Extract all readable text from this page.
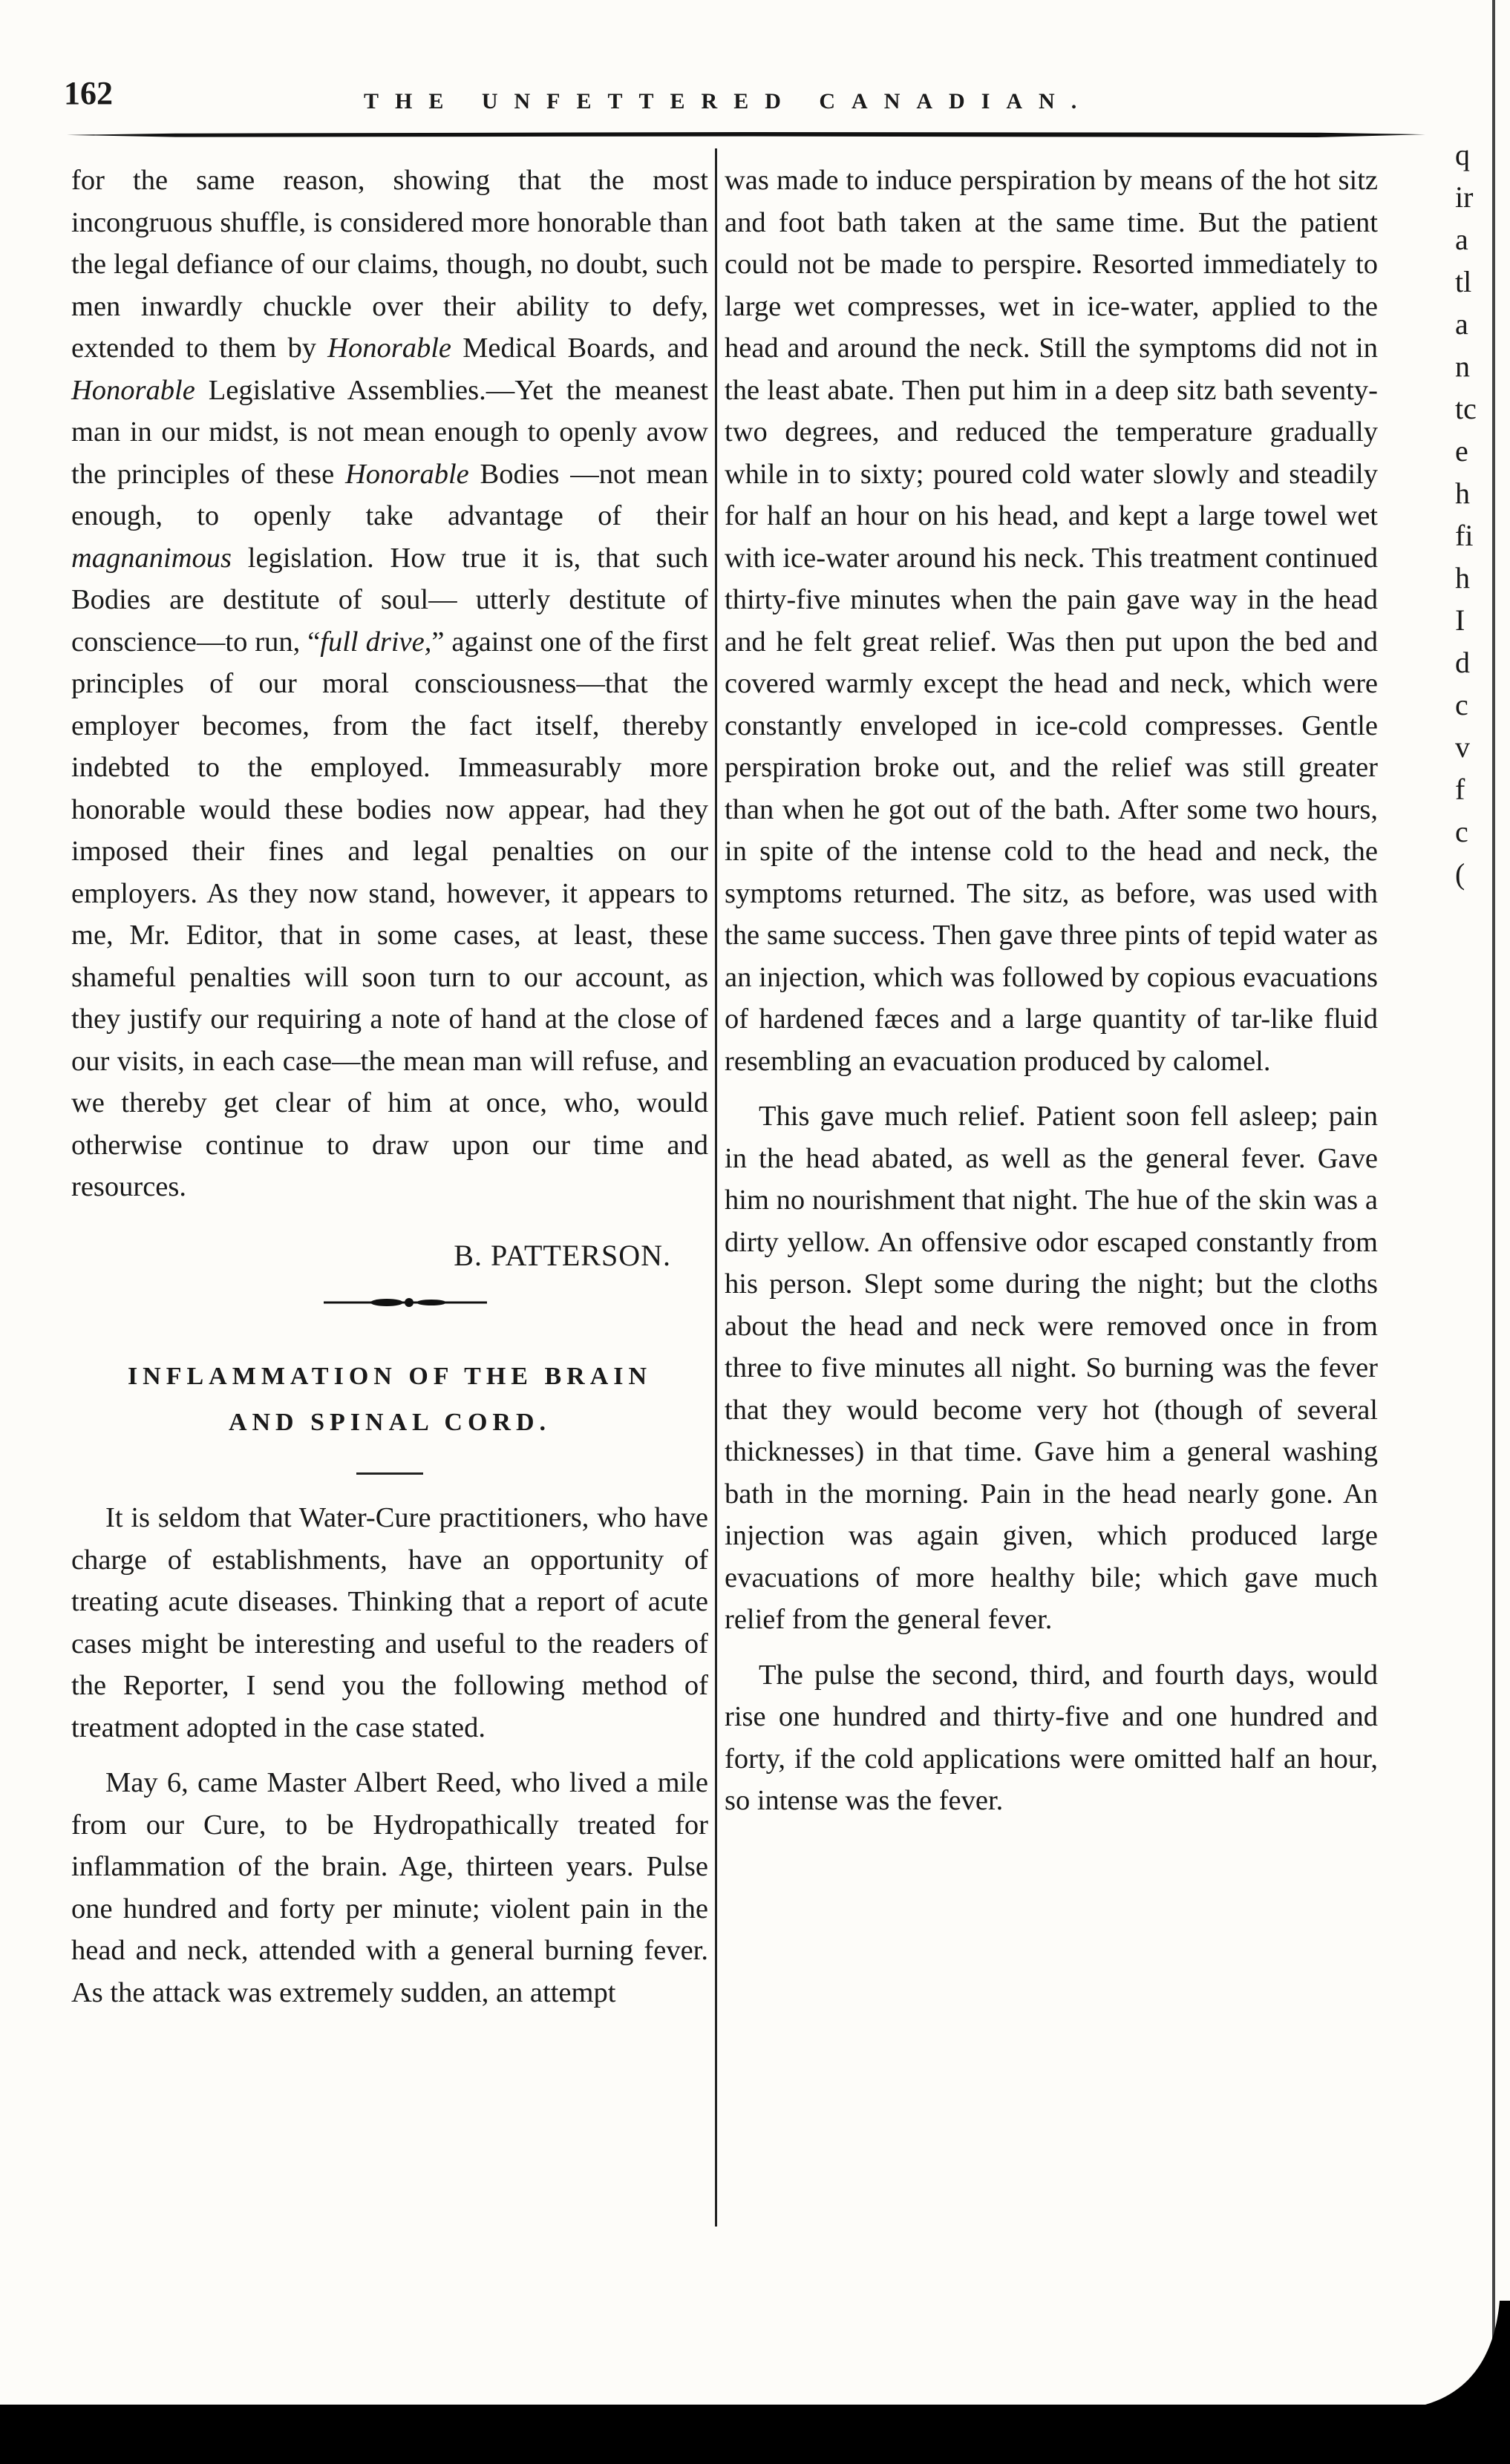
162	THE UNFETTERED CANADIAN.

for the same reason, showing that the most incongruous shuffle, is considered more honorable than the legal defiance of our claims, though, no doubt, such men inwardly chuckle over their ability to defy, extended to them by Honorable Medical Boards, and Honorable Legislative Assemblies.—Yet the meanest man in our midst, is not mean enough to openly avow the principles of these Honorable Bodies —not mean enough, to openly take advantage of their magnanimous legislation. How true it is, that such Bodies are destitute of soul— utterly destitute of conscience—to run, “full drive,” against one of the first principles of our moral consciousness—that the employer becomes, from the fact itself, thereby indebted to the employed. Immeasurably more honorable would these bodies now appear, had they imposed their fines and legal penalties on our employers. As they now stand, however, it appears to me, Mr. Editor, that in some cases, at least, these shameful penalties will soon turn to our account, as they justify our requiring a note of hand at the close of our visits, in each case—the mean man will refuse, and we thereby get clear of him at once, who, would otherwise continue to draw upon our time and resources.

B. PATTERSON.

INFLAMMATION OF THE BRAIN

AND SPINAL CORD.

It is seldom that Water-Cure practitioners, who have charge of establishments, have an opportunity of treating acute diseases. Thinking that a report of acute cases might be interesting and useful to the readers of the Reporter, I send you the following method of treatment adopted in the case stated.

May 6, came Master Albert Reed, who lived a mile from our Cure, to be Hydropathically treated for inflammation of the brain. Age, thirteen years. Pulse one hundred and forty per minute; violent pain in the head and neck, attended with a general burning fever. As the attack was extremely sudden, an attempt

was made to induce perspiration by means of the hot sitz and foot bath taken at the same time. But the patient could not be made to perspire. Resorted immediately to large wet compresses, wet in ice-water, applied to the head and around the neck. Still the symptoms did not in the least abate. Then put him in a deep sitz bath seventy-two degrees, and reduced the temperature gradually while in to sixty; poured cold water slowly and steadily for half an hour on his head, and kept a large towel wet with ice-water around his neck. This treatment continued thirty-five minutes when the pain gave way in the head and he felt great relief. Was then put upon the bed and covered warmly except the head and neck, which were constantly enveloped in ice-cold compresses. Gentle perspiration broke out, and the relief was still greater than when he got out of the bath. After some two hours, in spite of the intense cold to the head and neck, the symptoms returned. The sitz, as before, was used with the same success. Then gave three pints of tepid water as an injection, which was followed by copious evacuations of hardened fæces and a large quantity of tar-like fluid resembling an evacuation produced by calomel.

This gave much relief. Patient soon fell asleep; pain in the head abated, as well as the general fever. Gave him no nourishment that night. The hue of the skin was a dirty yellow. An offensive odor escaped constantly from his person. Slept some during the night; but the cloths about the head and neck were removed once in from three to five minutes all night. So burning was the fever that they would become very hot (though of several thicknesses) in that time. Gave him a general washing bath in the morning. Pain in the head nearly gone. An injection was again given, which produced large evacuations of more healthy bile; which gave much relief from the general fever.

The pulse the second, third, and fourth days, would rise one hundred and thirty-five and one hundred and forty, if the cold applications were omitted half an hour, so intense was the fever.

q
ir
a
tl
a
n
tc
e
h
fi
h
I
d
c
ᴠ
f
c
(
